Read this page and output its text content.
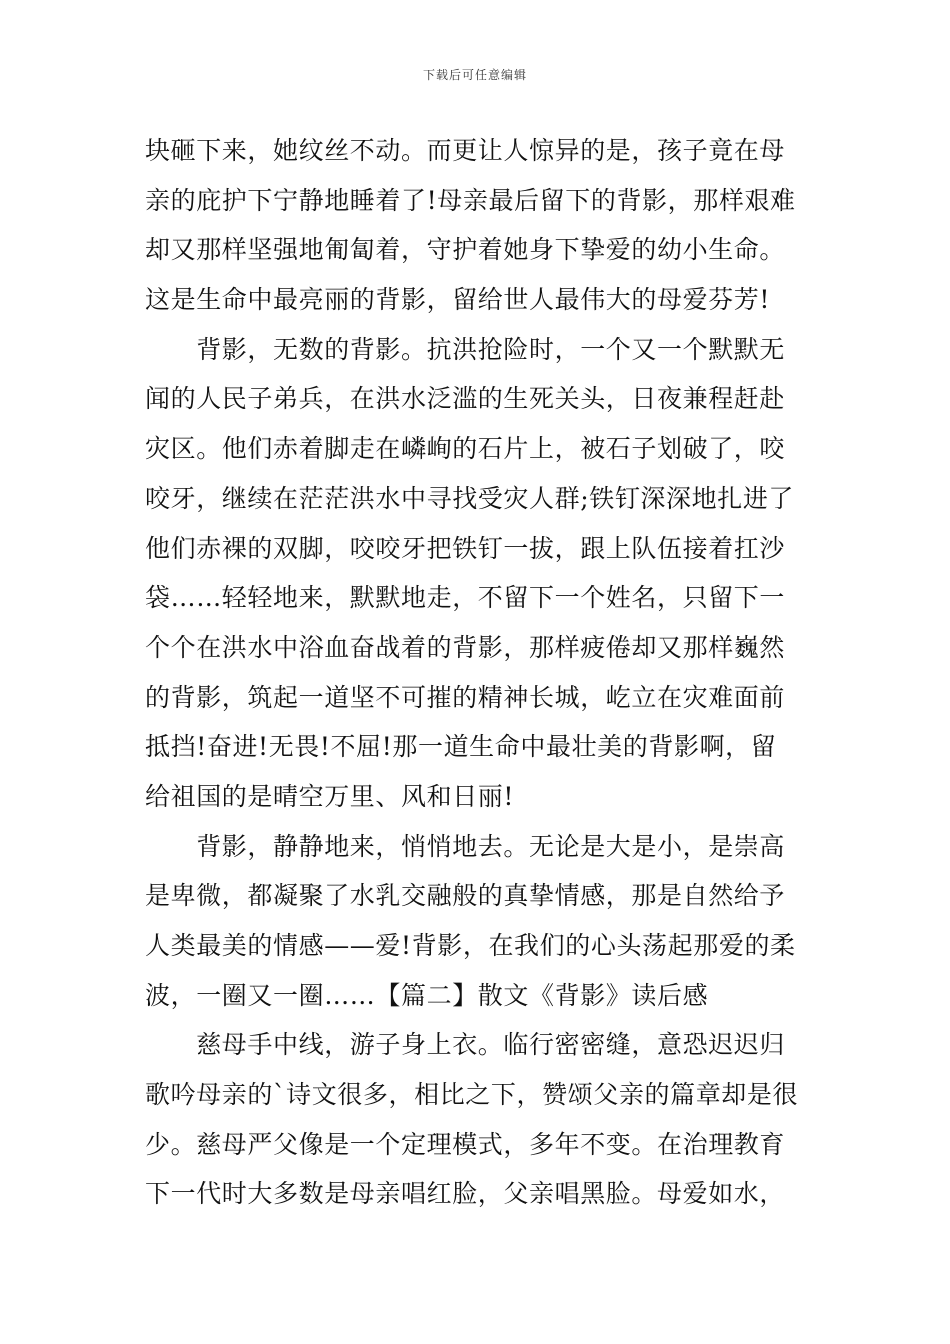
下载后可任意编辑
块砸下来，她纹丝不动。而更让人惊异的是，孩子竟在母
亲的庇护下宁静地睡着了!母亲最后留下的背影，那样艰难
却又那样坚强地匍匐着，守护着她身下挚爱的幼小生命。
这是生命中最亮丽的背影，留给世人最伟大的母爱芬芳!
　　背影，无数的背影。抗洪抢险时，一个又一个默默无
闻的人民子弟兵，在洪水泛滥的生死关头，日夜兼程赶赴
灾区。他们赤着脚走在嶙峋的石片上，被石子划破了，咬
咬牙，继续在茫茫洪水中寻找受灾人群;铁钉深深地扎进了
他们赤裸的双脚，咬咬牙把铁钉一拔，跟上队伍接着扛沙
袋……轻轻地来，默默地走，不留下一个姓名，只留下一
个个在洪水中浴血奋战着的背影，那样疲倦却又那样巍然
的背影，筑起一道坚不可摧的精神长城，屹立在灾难面前
抵挡!奋进!无畏!不屈!那一道生命中最壮美的背影啊，留
给祖国的是晴空万里、风和日丽!
　　背影，静静地来，悄悄地去。无论是大是小，是崇高
是卑微，都凝聚了水乳交融般的真挚情感，那是自然给予
人类最美的情感——爱!背影，在我们的心头荡起那爱的柔
波，一圈又一圈……【篇二】散文《背影》读后感
　　慈母手中线，游子身上衣。临行密密缝，意恐迟迟归
歌吟母亲的`诗文很多，相比之下，赞颂父亲的篇章却是很
少。慈母严父像是一个定理模式，多年不变。在治理教育
下一代时大多数是母亲唱红脸，父亲唱黑脸。母爱如水，
